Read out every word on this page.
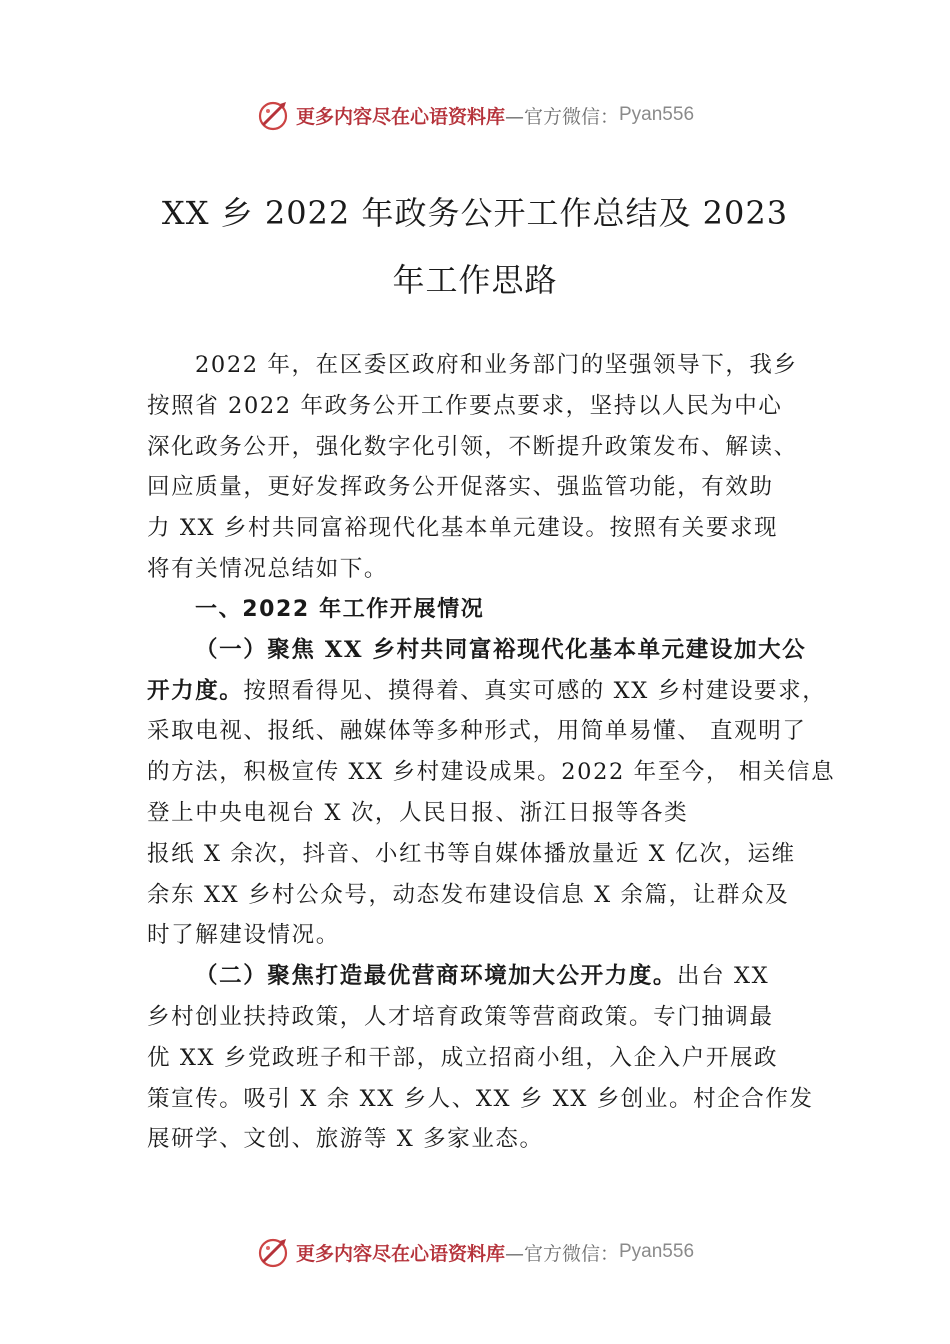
更多内容尽在心语资料库 —官方微信： Pyan556
XX 乡 2022 年政务公开工作总结及 2023
年工作思路

2022 年，在区委区政府和业务部门的坚强领导下，我乡

按照省 2022 年政务公开工作要点要求，坚持以人民为中心

深化政务公开，强化数字化引领，不断提升政策发布、解读、

回应质量，更好发挥政务公开促落实、强监管功能，有效助

力 XX 乡村共同富裕现代化基本单元建设。按照有关要求现

将有关情况总结如下。

一、2022 年工作开展情况

（一）聚焦 XX 乡村共同富裕现代化基本单元建设加大公

开力度。按照看得见、摸得着、真实可感的 XX 乡村建设要求，

采取电视、报纸、融媒体等多种形式，用简单易懂、 直观明了

的方法，积极宣传 XX 乡村建设成果。2022 年至今， 相关信息

登上中央电视台 X 次，人民日报、浙江日报等各类

报纸 X 余次，抖音、小红书等自媒体播放量近 X 亿次，运维

余东 XX 乡村公众号，动态发布建设信息 X 余篇，让群众及

时了解建设情况。

（二）聚焦打造最优营商环境加大公开力度。出台 XX

乡村创业扶持政策，人才培育政策等营商政策。专门抽调最

优 XX 乡党政班子和干部，成立招商小组，入企入户开展政

策宣传。吸引 X 余 XX 乡人、XX 乡 XX 乡创业。村企合作发

展研学、文创、旅游等 X 多家业态。

更多内容尽在心语资料库 —官方微信： Pyan556
